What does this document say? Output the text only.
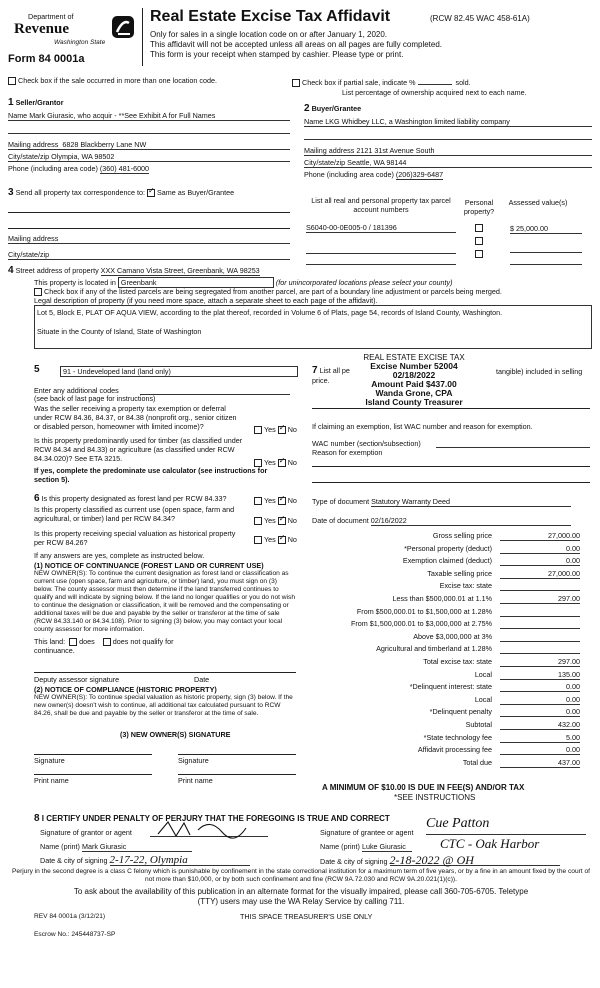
Department of
Revenue
Washington State
Form 84 0001a
Real Estate Excise Tax Affidavit	(RCW 82.45 WAC 458-61A)
Only for sales in a single location code on or after January 1, 2020.
This affidavit will not be accepted unless all areas on all pages are fully completed.
This form is your receipt when stamped by cashier. Please type or print.
Check box if the sale occurred in more than one location code.	Check box if partial sale, indicate %	sold.
List percentage of ownership acquired next to each name.
1 Seller/Grantor
Name Mark Giurasic, who acquir - **See Exhibit A for Full Names
Mailing address 6828 Blackberry Lane NW
City/state/zip Olympia, WA 98502
Phone (including area code) (360) 481-6000
2 Buyer/Grantee
Name LKG Whidbey LLC, a Washington limited liability company
Mailing address 2121 31st Avenue South
City/state/zip Seattle, WA 98144
Phone (including area code) (206)329-6487
3 Send all property tax correspondence to: ✓ Same as Buyer/Grantee
Mailing address
City/state/zip
List all real and personal property tax parcel account numbers
Personal property?
Assessed value(s)
S6040-00-0E005-0 / 181396	$ 25,000.00
4 Street address of property XXX Camano Vista Street, Greenbank, WA 98253
This property is located in Greenbank	(for unincorporated locations please select your county)
Check box if any of the listed parcels are being segregated from another parcel, are part of a boundary line adjustment or parcels being merged.
Legal description of property (if you need more space, attach a separate sheet to each page of the affidavit).
Lot 5, Block E, PLAT OF AQUA VIEW, according to the plat thereof, recorded in Volume 6 of Plats, page 54, records of Island County, Washington.
Situate in the County of Island, State of Washington
5	91 - Undeveloped land (land only)
Enter any additional codes
(see back of last page for instructions)
Was the seller receiving a property tax exemption or deferral under RCW 84.36, 84.37, or 84.38 (nonprofit org., senior citizen or disabled person, homeowner with limited income)?	Yes ✓ No
Is this property predominantly used for timber (as classified under RCW 84.34 and 84.33) or agriculture (as classified under RCW 84.34.020)? See ETA 3215.	Yes ✓ No
If yes, complete the predominate use calculator (see instructions for section 5).
6 Is this property designated as forest land per RCW 84.33?	Yes ✓ No
Is this property classified as current use (open space, farm and agricultural, or timber) land per RCW 84.34?	Yes ✓ No
Is this property receiving special valuation as historical property per RCW 84.26?	Yes ✓ No
If any answers are yes, complete as instructed below.
(1) NOTICE OF CONTINUANCE (FOREST LAND OR CURRENT USE)
NEW OWNER(S): To continue the current designation as forest land or classification as current use (open space, farm and agriculture, or timber) land, you must sign on (3) below. The county assessor must then determine if the land transferred continues to qualify and will indicate by signing below. If the land no longer qualifies or you do not wish to continue the designation or classification, it will be removed and the compensating or additional taxes will be due and payable by the seller or transferor at the time of sale (RCW 84.33.140 or 84.34.108). Prior to signing (3) below, you may contact your local county assessor for more information.
This land: does	does not qualify for
continuance.
Deputy assessor signature	Date
(2) NOTICE OF COMPLIANCE (HISTORIC PROPERTY)
NEW OWNER(S): To continue special valuation as historic property, sign (3) below. If the new owner(s) doesn't wish to continue, all additional tax calculated pursuant to RCW 84.26, shall be due and payable by the seller or transferor at the time of sale.
(3) NEW OWNER(S) SIGNATURE
Signature	Signature
Print name	Print name
7 List all pe
price.
tangible) included in selling
REAL ESTATE EXCISE TAX
Excise Number 52004
02/18/2022
Amount Paid $437.00
Wanda Grone, CPA
Island County Treasurer
If claiming an exemption, list WAC number and reason for exemption.
WAC number (section/subsection)
Reason for exemption
Type of document Statutory Warranty Deed
Date of document 02/16/2022
Gross selling price	27,000.00
*Personal property (deduct)	0.00
Exemption claimed (deduct)	0.00
Taxable selling price	27,000.00
Excise tax: state
Less than $500,000.01 at 1.1%	297.00
From $500,000.01 to $1,500,000 at 1.28%
From $1,500,000.01 to $3,000,000 at 2.75%
Above $3,000,000 at 3%
Agricultural and timberland at 1.28%
Total excise tax: state	297.00
Local	135.00
*Delinquent interest: state	0.00
Local	0.00
*Delinquent penalty	0.00
Subtotal	432.00
*State technology fee	5.00
Affidavit processing fee	0.00
Total due	437.00
A MINIMUM OF $10.00 IS DUE IN FEE(S) AND/OR TAX
*SEE INSTRUCTIONS
8 I CERTIFY UNDER PENALTY OF PERJURY THAT THE FOREGOING IS TRUE AND CORRECT
Signature of grantor or agent	Signature of grantee or agent
Cue Patton
Name (print) Mark Giurasic	Name (print) Luke Giurasic	CTC - Oak Harbor
Date & city of signing 2-17-22, Olympia	Date & city of signing 2-18-2022 @ OH
Perjury in the second degree is a class C felony which is punishable by confinement in the state correctional institution for a maximum term of five years, or by a fine in an amount fixed by the court of not more than $10,000, or by both such confinement and fine (RCW 9A.72.030 and RCW 9A.20.021(1)(c)).
To ask about the availability of this publication in an alternate format for the visually impaired, please call 360-705-6705. Teletype
(TTY) users may use the WA Relay Service by calling 711.
REV 84 0001a (3/12/21)	THIS SPACE TREASURER'S USE ONLY
Escrow No.: 245448737-SP
